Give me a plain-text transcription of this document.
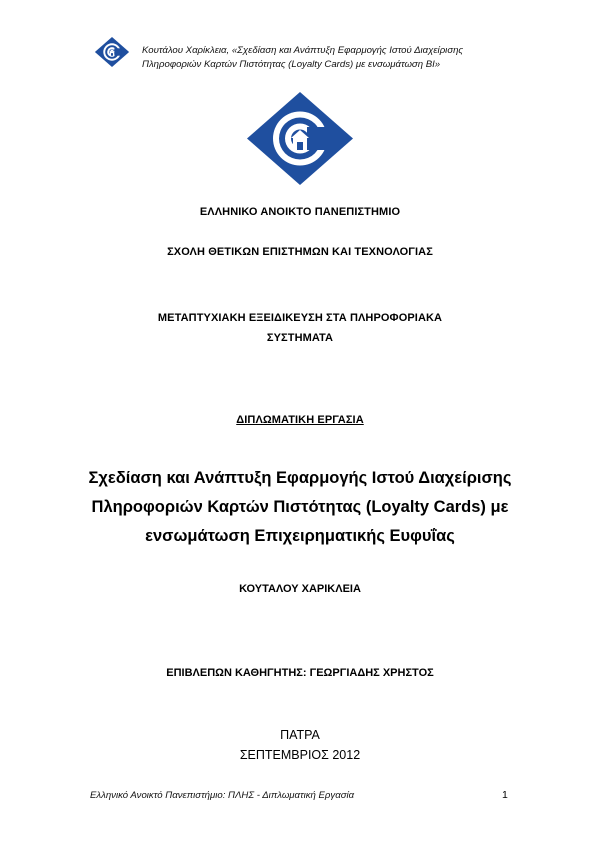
Κουτάλου Χαρίκλεια, «Σχεδίαση και Ανάπτυξη Εφαρμογής Ιστού Διαχείρισης
Πληροφοριών Καρτών Πιστότητας (Loyalty Cards) με ενσωμάτωση BI»
ΕΛΛΗΝΙΚΟ ΑΝΟΙΚΤΟ ΠΑΝΕΠΙΣΤΗΜΙΟ
ΣΧΟΛΗ ΘΕΤΙΚΩΝ ΕΠΙΣΤΗΜΩΝ ΚΑΙ ΤΕΧΝΟΛΟΓΙΑΣ
ΜΕΤΑΠΤΥΧΙΑΚΗ ΕΞΕΙΔΙΚΕΥΣΗ ΣΤΑ ΠΛΗΡΟΦΟΡΙΑΚΑ
ΣΥΣΤΗΜΑΤΑ
ΔΙΠΛΩΜΑΤΙΚΗ ΕΡΓΑΣΙΑ
Σχεδίαση και Ανάπτυξη Εφαρμογής Ιστού Διαχείρισης
Πληροφοριών Καρτών Πιστότητας (Loyalty Cards) με
ενσωμάτωση Επιχειρηματικής Ευφυΐας
ΚΟΥΤΑΛΟΥ ΧΑΡΙΚΛΕΙΑ
ΕΠΙΒΛΕΠΩΝ ΚΑΘΗΓΗΤΗΣ: ΓΕΩΡΓΙΑΔΗΣ ΧΡΗΣΤΟΣ
ΠΑΤΡΑ
ΣΕΠΤΕΜΒΡΙΟΣ 2012
Ελληνικό Ανοικτό Πανεπιστήμιο: ΠΛΗΣ - Διπλωματική Εργασία	1
